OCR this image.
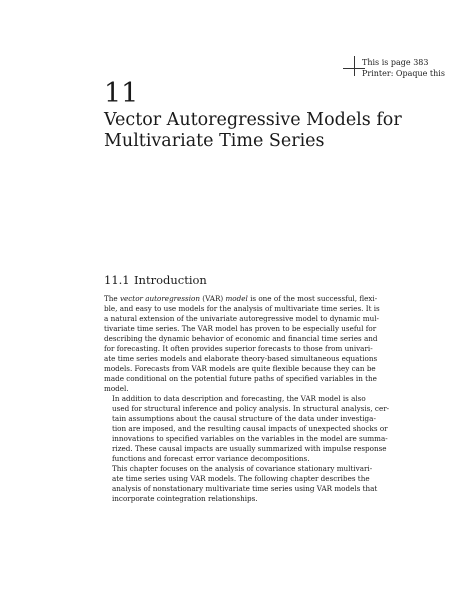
This is page 383
Printer: Opaque this
11
Vector Autoregressive Models for
Multivariate Time Series
11.1 Introduction

The vector autoregression (VAR) model is one of the most successful, flexi-
ble, and easy to use models for the analysis of multivariate time series. It is
a natural extension of the univariate autoregressive model to dynamic mul-
tivariate time series. The VAR model has proven to be especially useful for
describing the dynamic behavior of economic and financial time series and
for forecasting. It often provides superior forecasts to those from univari-
ate time series models and elaborate theory-based simultaneous equations
models. Forecasts from VAR models are quite flexible because they can be
made conditional on the potential future paths of specified variables in the
model.

In addition to data description and forecasting, the VAR model is also
used for structural inference and policy analysis. In structural analysis, cer-
tain assumptions about the causal structure of the data under investiga-
tion are imposed, and the resulting causal impacts of unexpected shocks or
innovations to specified variables on the variables in the model are summa-
rized. These causal impacts are usually summarized with impulse response
functions and forecast error variance decompositions.

This chapter focuses on the analysis of covariance stationary multivari-
ate time series using VAR models. The following chapter describes the
analysis of nonstationary multivariate time series using VAR models that
incorporate cointegration relationships.
